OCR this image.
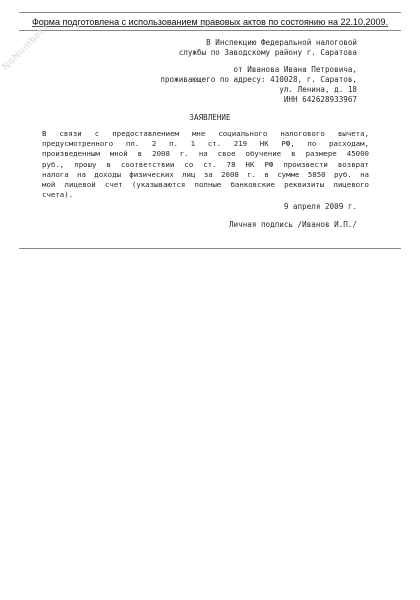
Форма подготовлена с использованием правовых актов по состоянию на 22.10.2009.
NoNumber	В Инспекцию Федеральной налоговой
службы по Заводскому району г. Саратова
от Иванова Ивана Петровича,
проживающего по адресу: 410028, г. Саратов,
ул. Ленина, д. 18
ИНН 642628933967
ЗАЯВЛЕНИЕ

В связи с предоставлением мне социального налогового вычета,

предусмотренного пп. 2 п. 1 ст. 219 НК РФ, по расходам,

произведенным мной в 2008 г. на свое обучение в размере 45000

руб., прошу в соответствии со ст. 78 НК РФ произвести возврат

налога на доходы физических лиц за 2008 г. в сумме 5850 руб. на

мой лицевой счет (указываются полные банковские реквизиты лицевого

счета).

9 апреля 2009 г.
Личная подпись /Иванов И.П./
